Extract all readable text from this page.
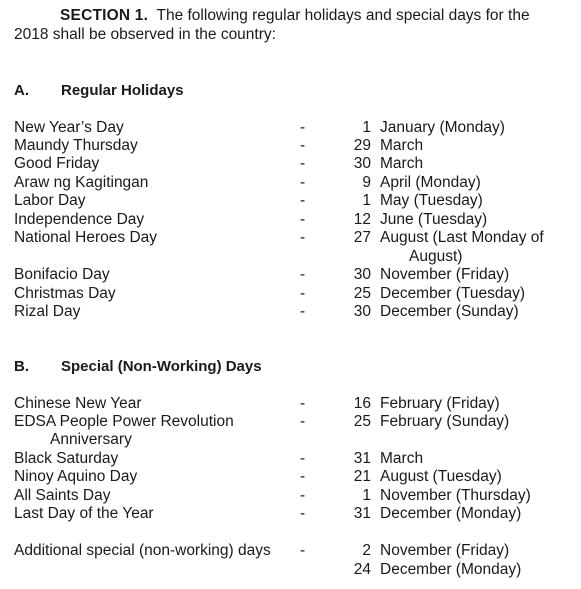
SECTION 1. The following regular holidays and special days for the
2018 shall be observed in the country:
A. Regular Holidays
New Year’s Day	-	1 January (Monday)
Maundy Thursday	-	29 March
Good Friday	-	30 March
Araw ng Kagitingan	-	9 April (Monday)
Labor Day	-	1 May (Tuesday)
Independence Day	-	12 June (Tuesday)
National Heroes Day	-	27 August (Last Monday of
August)
Bonifacio Day	-	30 November (Friday)
Christmas Day	-	25 December (Tuesday)
Rizal Day	-	30 December (Sunday)
B. Special (Non-Working) Days
Chinese New Year	-	16 February (Friday)
EDSA People Power Revolution	-	25 February (Sunday)
Anniversary
Black Saturday	-	31 March
Ninoy Aquino Day	-	21 August (Tuesday)
All Saints Day	-	1 November (Thursday)
Last Day of the Year	-	31 December (Monday)
Additional special (non-working) days -	2 November (Friday)
24 December (Monday)
